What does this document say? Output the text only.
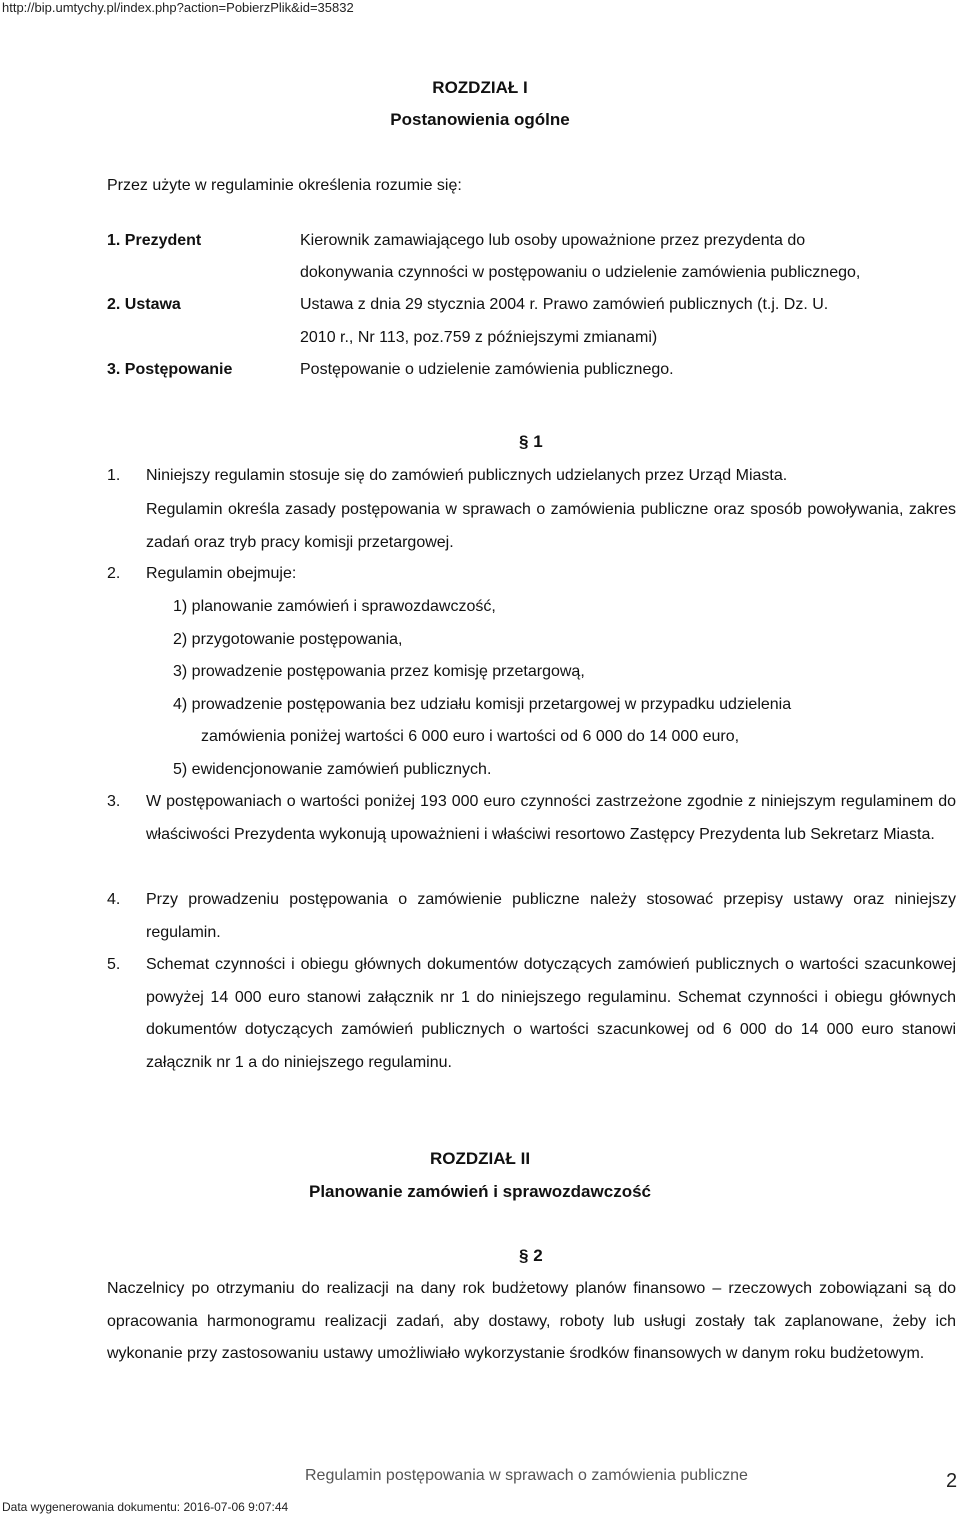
http://bip.umtychy.pl/index.php?action=PobierzPlik&id=35832
ROZDZIAŁ I
Postanowienia ogólne
Przez użyte w regulaminie określenia rozumie się:
1. Prezydent	Kierownik zamawiającego lub osoby upoważnione przez prezydenta do
dokonywania czynności w postępowaniu o udzielenie zamówienia publicznego,
2. Ustawa	Ustawa z dnia 29 stycznia 2004 r. Prawo zamówień publicznych (t.j. Dz. U.
2010 r., Nr 113, poz.759 z późniejszymi zmianami)
3. Postępowanie	Postępowanie o udzielenie zamówienia publicznego.
§ 1
1. Niniejszy regulamin stosuje się do zamówień publicznych udzielanych przez Urząd Miasta.
Regulamin określa zasady postępowania w sprawach o zamówienia publiczne oraz sposób powoływania, zakres zadań oraz tryb pracy komisji przetargowej.
2. Regulamin obejmuje:
1) planowanie zamówień i sprawozdawczość,
2) przygotowanie postępowania,
3) prowadzenie postępowania przez komisję przetargową,
4) prowadzenie postępowania bez udziału komisji przetargowej w przypadku udzielenia
zamówienia poniżej wartości 6 000 euro i wartości od 6 000 do 14 000 euro,
5) ewidencjonowanie zamówień publicznych.
3. W postępowaniach o wartości poniżej 193 000 euro czynności zastrzeżone zgodnie z niniejszym regulaminem do właściwości Prezydenta wykonują upoważnieni i właściwi resortowo Zastępcy Prezydenta lub Sekretarz Miasta.
4. Przy prowadzeniu postępowania o zamówienie publiczne należy stosować przepisy ustawy oraz niniejszy regulamin.
5. Schemat czynności i obiegu głównych dokumentów dotyczących zamówień publicznych o wartości szacunkowej powyżej 14 000 euro stanowi załącznik nr 1 do niniejszego regulaminu. Schemat czynności i obiegu głównych dokumentów dotyczących zamówień publicznych o wartości szacunkowej od 6 000 do 14 000 euro stanowi załącznik nr 1 a do niniejszego regulaminu.
ROZDZIAŁ II
Planowanie zamówień i sprawozdawczość
§ 2
Naczelnicy po otrzymaniu do realizacji na dany rok budżetowy planów finansowo – rzeczowych zobowiązani są do opracowania harmonogramu realizacji zadań, aby dostawy, roboty lub usługi zostały tak zaplanowane, żeby ich wykonanie przy zastosowaniu ustawy umożliwiało wykorzystanie środków finansowych w danym roku budżetowym.
Regulamin postępowania w sprawach o zamówienia publiczne	2
Data wygenerowania dokumentu: 2016-07-06 9:07:44
